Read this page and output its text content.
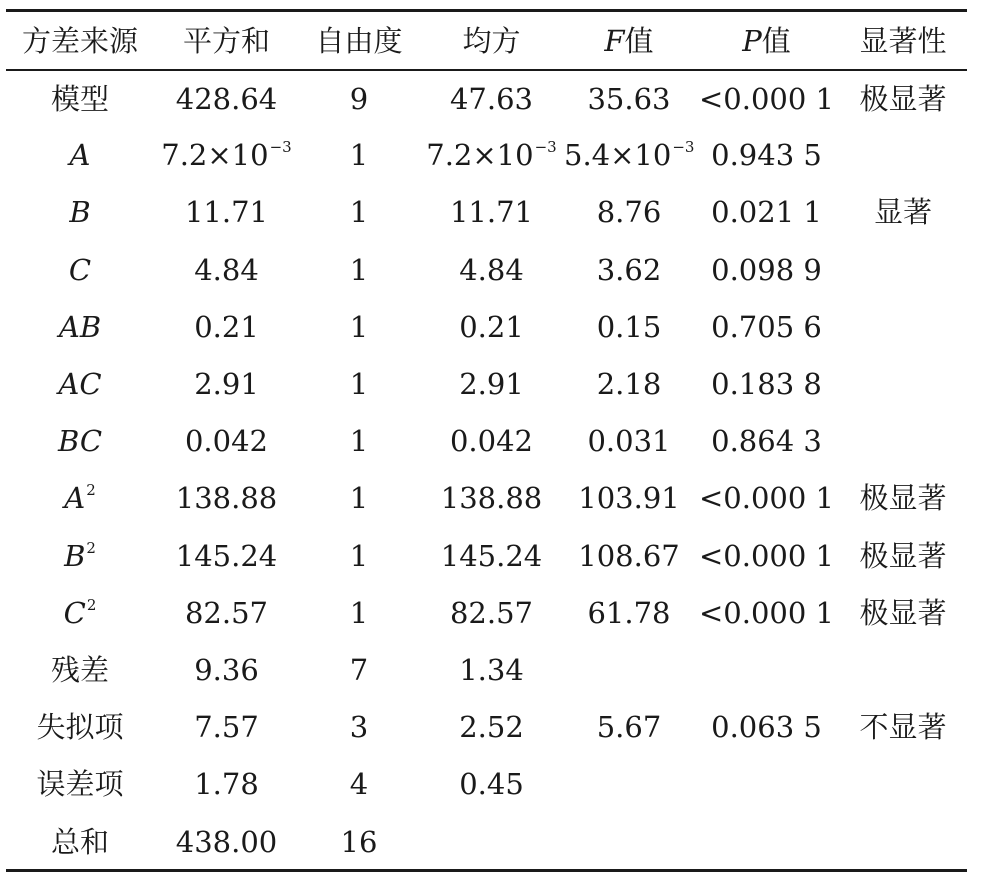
方差来源	平方和	自由度	均方	F值	P值	显著性
模型	428.64	9	47.63	35.63	<0.000 1	极显著
A	$7.2\times 10^{-3}$	1	$7.2\times 10^{-3}$	$5.4\times 10^{-3}$	0.943 5	
B	11.71	1	11.71	8.76	0.021 1	显著
C	4.84	1	4.84	3.62	0.098 9	
AB	0.21	1	0.21	0.15	0.705 6	
AC	2.91	1	2.91	2.18	0.183 8	
BC	0.042	1	0.042	0.031	0.864 3	
$A^2$	138.88	1	138.88	103.91	<0.000 1	极显著
$B^2$	145.24	1	145.24	108.67	<0.000 1	极显著
$C^2$	82.57	1	82.57	61.78	<0.000 1	极显著
残差	9.36	7	1.34			
失拟项	7.57	3	2.52	5.67	0.063 5	不显著
误差项	1.78	4	0.45			
总和	438.00	16				
